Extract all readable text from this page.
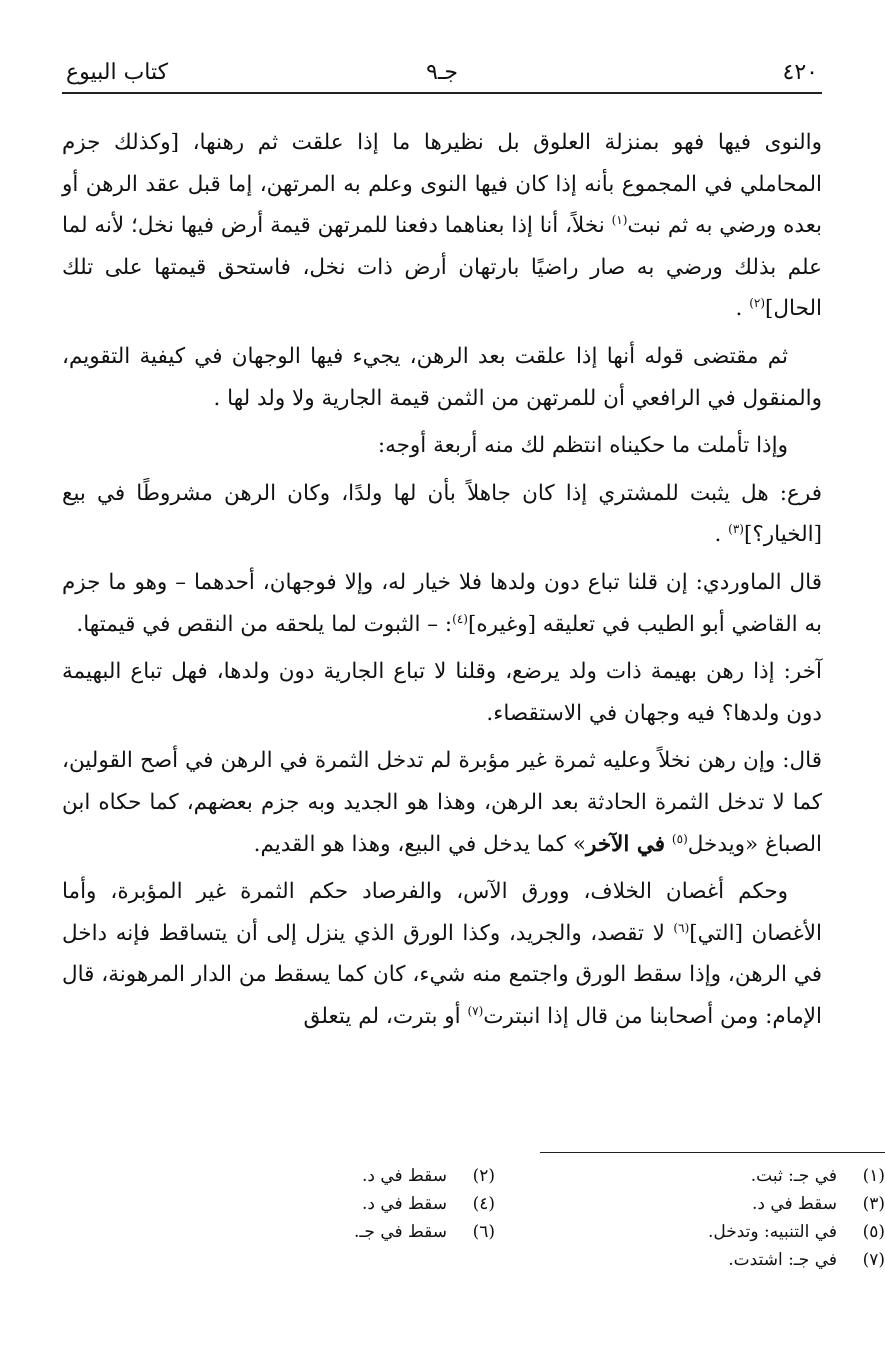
٤٢٠
جـ٩
كتاب البيوع

والنوى فيها فهو بمنزلة العلوق بل نظيرها ما إذا علقت ثم رهنها، [وكذلك جزم المحاملي في المجموع بأنه إذا كان فيها النوى وعلم به المرتهن، إما قبل عقد الرهن أو بعده ورضي به ثم نبت$^{(١)}$ نخلاً، أنا إذا بعناهما دفعنا للمرتهن قيمة أرض فيها نخل؛ لأنه لما علم بذلك ورضي به صار راضيًا بارتهان أرض ذات نخل، فاستحق قيمتها على تلك الحال]$^{(٢)}$ .

ثم مقتضى قوله أنها إذا علقت بعد الرهن، يجيء فيها الوجهان في كيفية التقويم، والمنقول في الرافعي أن للمرتهن من الثمن قيمة الجارية ولا ولد لها .

وإذا تأملت ما حكيناه انتظم لك منه أربعة أوجه:

فرع: هل يثبت للمشتري إذا كان جاهلاً بأن لها ولدًا، وكان الرهن مشروطًا في بيع [الخيار؟]$^{(٣)}$ .

قال الماوردي: إن قلنا تباع دون ولدها فلا خيار له، وإلا فوجهان، أحدهما – وهو ما جزم به القاضي أبو الطيب في تعليقه [وغيره]$^{(٤)}$: – الثبوت لما يلحقه من النقص في قيمتها.

آخر: إذا رهن بهيمة ذات ولد يرضع، وقلنا لا تباع الجارية دون ولدها، فهل تباع البهيمة دون ولدها؟ فيه وجهان في الاستقصاء.

قال: وإن رهن نخلاً وعليه ثمرة غير مؤبرة لم تدخل الثمرة في الرهن في أصح القولين، كما لا تدخل الثمرة الحادثة بعد الرهن، وهذا هو الجديد وبه جزم بعضهم، كما حكاه ابن الصباغ «ويدخل$^{(٥)}$ في الآخر» كما يدخل في البيع، وهذا هو القديم.

وحكم أغصان الخلاف، وورق الآس، والفرصاد حكم الثمرة غير المؤبرة، وأما الأغصان [التي]$^{(٦)}$ لا تقصد، والجريد، وكذا الورق الذي ينزل إلى أن يتساقط فإنه داخل في الرهن، وإذا سقط الورق واجتمع منه شيء، كان كما يسقط من الدار المرهونة، قال الإمام: ومن أصحابنا من قال إذا انبترت$^{(٧)}$ أو بترت، لم يتعلق

(١)في جـ: ثبت.
(٢)سقط في د.
(٣)سقط في د.
(٤)سقط في د.
(٥)في التنبيه: وتدخل.
(٦)سقط في جـ.
(٧)في جـ: اشتدت.
